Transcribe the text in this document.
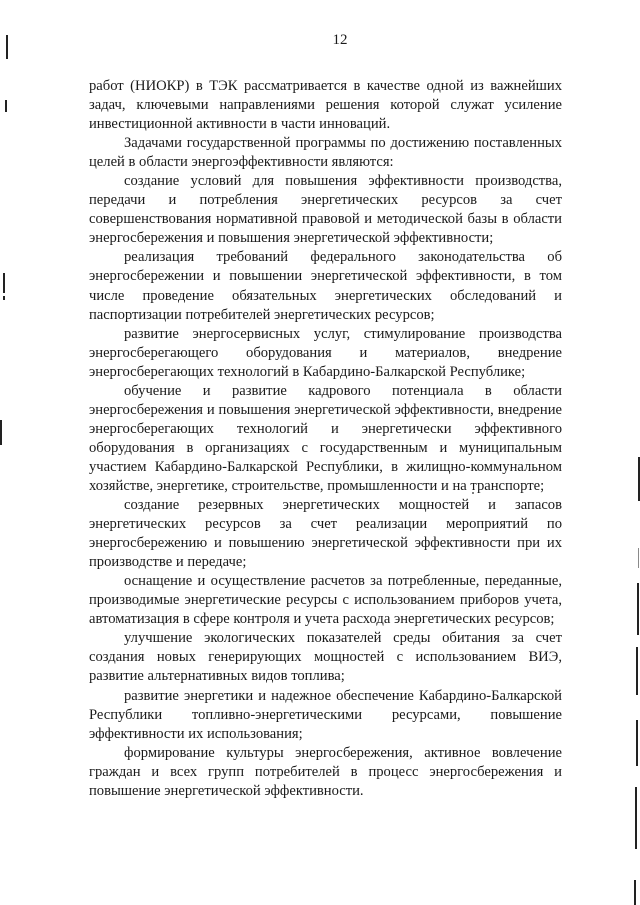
12

работ (НИОКР) в ТЭК рассматривается в качестве одной из важнейших задач, ключевыми направлениями решения которой служат усиление инвестиционной активности в части инноваций.

Задачами государственной программы по достижению поставленных целей в области энергоэффективности являются:

создание условий для повышения эффективности производства, передачи и потребления энергетических ресурсов за счет совершенствования нормативной правовой и методической базы в области энергосбережения и повышения энергетической эффективности;

реализация требований федерального законодательства об энергосбережении и повышении энергетической эффективности, в том числе проведение обязательных энергетических обследований и паспортизации потребителей энергетических ресурсов;

развитие энергосервисных услуг, стимулирование производства энергосберегающего оборудования и материалов, внедрение энергосберегающих технологий в Кабардино-Балкарской Республике;

обучение и развитие кадрового потенциала в области энергосбережения и повышения энергетической эффективности, внедрение энергосберегающих технологий и энергетически эффективного оборудования в организациях с государственным и муниципальным участием Кабардино-Балкарской Республики, в жилищно-коммунальном хозяйстве, энергетике, строительстве, промышленности и на транспорте;

создание резервных энергетических мощностей и запасов энергетических ресурсов за счет реализации мероприятий по энергосбережению и повышению энергетической эффективности при их производстве и передаче;

оснащение и осуществление расчетов за потребленные, переданные, производимые энергетические ресурсы с использованием приборов учета, автоматизация в сфере контроля и учета расхода энергетических ресурсов;

улучшение экологических показателей среды обитания за счет создания новых генерирующих мощностей с использованием ВИЭ, развитие альтернативных видов топлива;

развитие энергетики и надежное обеспечение Кабардино-Балкарской Республики топливно-энергетическими ресурсами, повышение эффективности их использования;

формирование культуры энергосбережения, активное вовлечение граждан и всех групп потребителей в процесс энергосбережения и повышение энергетической эффективности.
